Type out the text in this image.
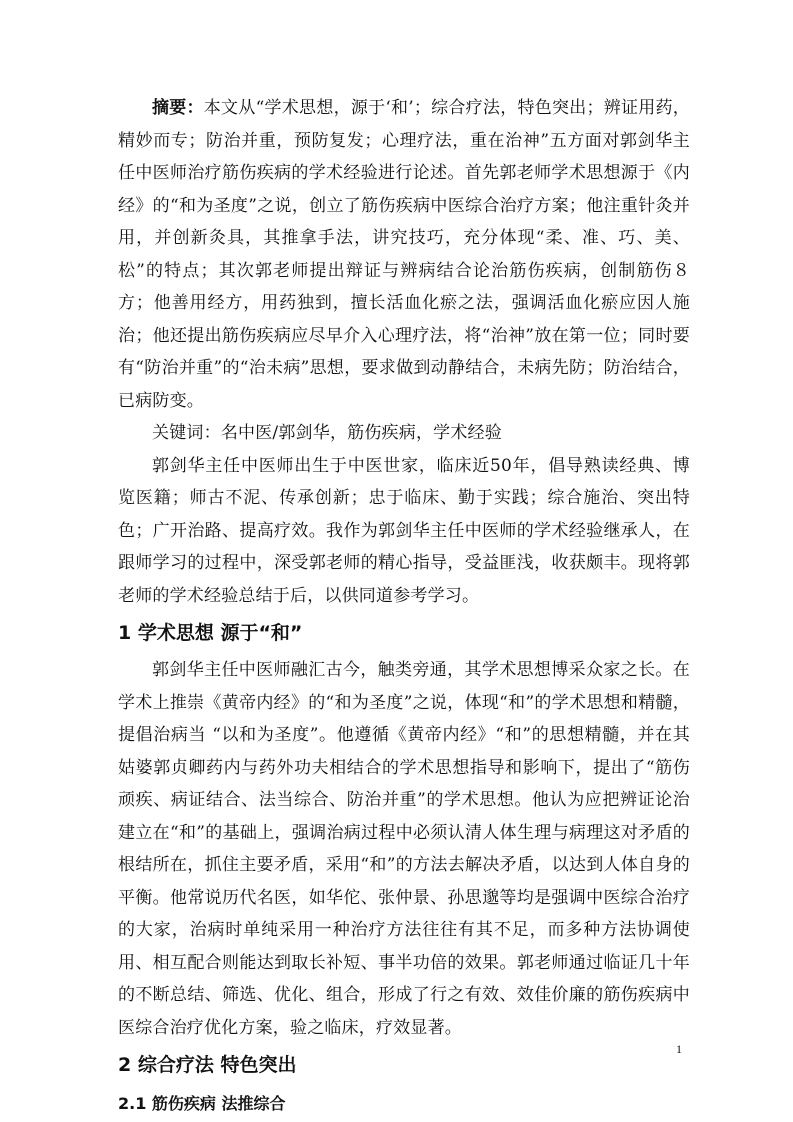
摘要：本文从“学术思想，源于‘和’；综合疗法，特色突出；辨证用药，精妙而专；防治并重，预防复发；心理疗法，重在治神”五方面对郭剑华主任中医师治疗筋伤疾病的学术经验进行论述。首先郭老师学术思想源于《内经》的“和为圣度”之说，创立了筋伤疾病中医综合治疗方案；他注重针灸并用，并创新灸具，其推拿手法，讲究技巧，充分体现“柔、准、巧、美、松”的特点；其次郭老师提出辩证与辨病结合论治筋伤疾病，创制筋伤８方；他善用经方，用药独到，擅长活血化瘀之法，强调活血化瘀应因人施治；他还提出筋伤疾病应尽早介入心理疗法，将“治神”放在第一位；同时要有“防治并重”的“治未病”思想，要求做到动静结合，未病先防；防治结合，已病防变。

关键词：名中医/郭剑华，筋伤疾病，学术经验

郭剑华主任中医师出生于中医世家，临床近50年，倡导熟读经典、博览医籍；师古不泥、传承创新；忠于临床、勤于实践；综合施治、突出特色；广开治路、提高疗效。我作为郭剑华主任中医师的学术经验继承人，在跟师学习的过程中，深受郭老师的精心指导，受益匪浅，收获颇丰。现将郭老师的学术经验总结于后，以供同道参考学习。

1 学术思想 源于“和”

郭剑华主任中医师融汇古今，触类旁通，其学术思想博采众家之长。在学术上推崇《黄帝内经》的“和为圣度”之说，体现“和”的学术思想和精髓，提倡治病当 “以和为圣度”。他遵循《黄帝内经》“和”的思想精髓，并在其姑婆郭贞卿药内与药外功夫相结合的学术思想指导和影响下，提出了“筋伤顽疾、病证结合、法当综合、防治并重”的学术思想。他认为应把辨证论治建立在“和”的基础上，强调治病过程中必须认清人体生理与病理这对矛盾的根结所在，抓住主要矛盾，采用“和”的方法去解决矛盾，以达到人体自身的平衡。他常说历代名医，如华佗、张仲景、孙思邈等均是强调中医综合治疗的大家，治病时单纯采用一种治疗方法往往有其不足，而多种方法协调使用、相互配合则能达到取长补短、事半功倍的效果。郭老师通过临证几十年的不断总结、筛选、优化、组合，形成了行之有效、效佳价廉的筋伤疾病中医综合治疗优化方案，验之临床，疗效显著。

2 综合疗法 特色突出
2.1 筋伤疾病 法推综合
1
